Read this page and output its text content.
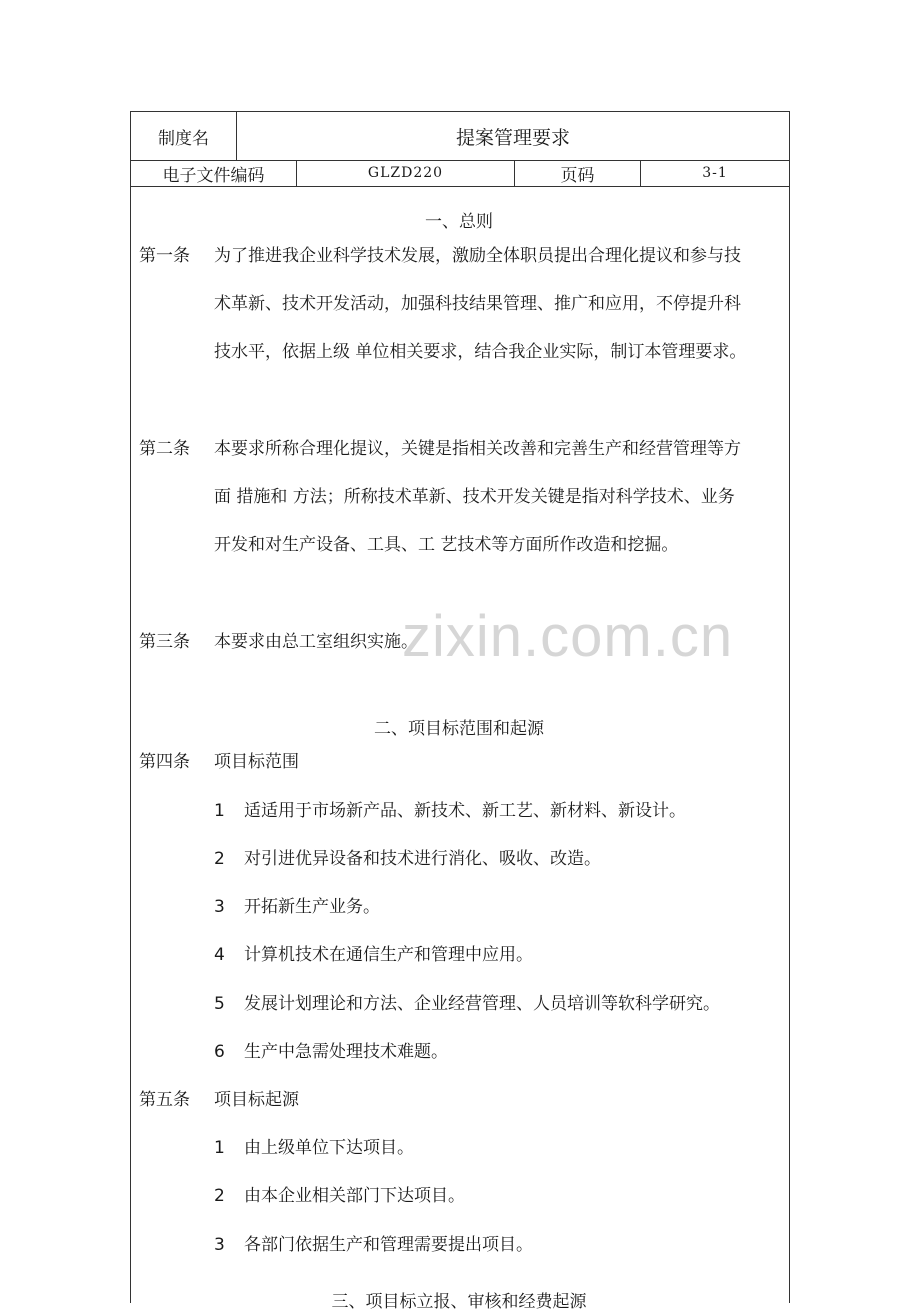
制度名	提案管理要求
电子文件编码	GLZD220	页码	3-1
zixin.com.cn
一、总则
第一条 为了推进我企业科学技术发展，激励全体职员提出合理化提议和参与技
术革新、技术开发活动，加强科技结果管理、推广和应用，不停提升科
技水平，依据上级 单位相关要求，结合我企业实际，制订本管理要求。
第二条 本要求所称合理化提议，关键是指相关改善和完善生产和经营管理等方
面 措施和 方法；所称技术革新、技术开发关键是指对科学技术、业务
开发和对生产设备、工具、工 艺技术等方面所作改造和挖掘。
第三条 本要求由总工室组织实施。
二、项目标范围和起源
第四条 项目标范围
1 适适用于市场新产品、新技术、新工艺、新材料、新设计。
2 对引进优异设备和技术进行消化、吸收、改造。
3 开拓新生产业务。
4 计算机技术在通信生产和管理中应用。
5 发展计划理论和方法、企业经营管理、人员培训等软科学研究。
6 生产中急需处理技术难题。
第五条 项目标起源
1 由上级单位下达项目。
2 由本企业相关部门下达项目。
3 各部门依据生产和管理需要提出项目。
三、项目标立报、审核和经费起源
